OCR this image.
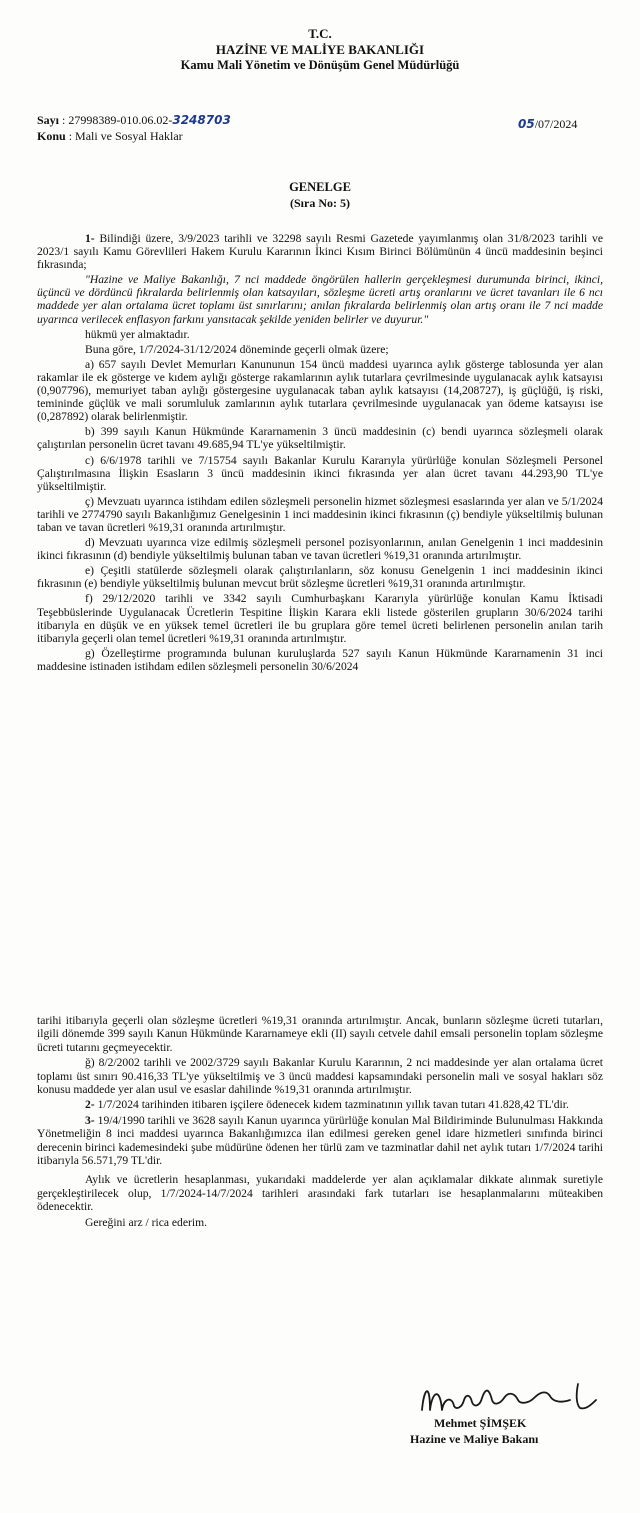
T.C.
HAZİNE VE MALİYE BAKANLIĞI
Kamu Mali Yönetim ve Dönüşüm Genel Müdürlüğü
Sayı : 27998389-010.06.02-3248703
Konu : Mali ve Sosyal Haklar
05/07/2024
GENELGE
(Sıra No: 5)

1- Bilindiği üzere, 3/9/2023 tarihli ve 32298 sayılı Resmi Gazetede yayımlanmış olan 31/8/2023 tarihli ve 2023/1 sayılı Kamu Görevlileri Hakem Kurulu Kararının İkinci Kısım Birinci Bölümünün 4 üncü maddesinin beşinci fıkrasında;

"Hazine ve Maliye Bakanlığı, 7 nci maddede öngörülen hallerin gerçekleşmesi durumunda birinci, ikinci, üçüncü ve dördüncü fıkralarda belirlenmiş olan katsayıları, sözleşme ücreti artış oranlarını ve ücret tavanları ile 6 ncı maddede yer alan ortalama ücret toplamı üst sınırlarını; anılan fıkralarda belirlenmiş olan artış oranı ile 7 nci madde uyarınca verilecek enflasyon farkını yansıtacak şekilde yeniden belirler ve duyurur."

hükmü yer almaktadır.

Buna göre, 1/7/2024-31/12/2024 döneminde geçerli olmak üzere;

a) 657 sayılı Devlet Memurları Kanununun 154 üncü maddesi uyarınca aylık gösterge tablosunda yer alan rakamlar ile ek gösterge ve kıdem aylığı gösterge rakamlarının aylık tutarlara çevrilmesinde uygulanacak aylık katsayısı (0,907796), memuriyet taban aylığı göstergesine uygulanacak taban aylık katsayısı (14,208727), iş güçlüğü, iş riski, temininde güçlük ve mali sorumluluk zamlarının aylık tutarlara çevrilmesinde uygulanacak yan ödeme katsayısı ise (0,287892) olarak belirlenmiştir.

b) 399 sayılı Kanun Hükmünde Kararnamenin 3 üncü maddesinin (c) bendi uyarınca sözleşmeli olarak çalıştırılan personelin ücret tavanı 49.685,94 TL'ye yükseltilmiştir.

c) 6/6/1978 tarihli ve 7/15754 sayılı Bakanlar Kurulu Kararıyla yürürlüğe konulan Sözleşmeli Personel Çalıştırılmasına İlişkin Esasların 3 üncü maddesinin ikinci fıkrasında yer alan ücret tavanı 44.293,90 TL'ye yükseltilmiştir.

ç) Mevzuatı uyarınca istihdam edilen sözleşmeli personelin hizmet sözleşmesi esaslarında yer alan ve 5/1/2024 tarihli ve 2774790 sayılı Bakanlığımız Genelgesinin 1 inci maddesinin ikinci fıkrasının (ç) bendiyle yükseltilmiş bulunan taban ve tavan ücretleri %19,31 oranında artırılmıştır.

d) Mevzuatı uyarınca vize edilmiş sözleşmeli personel pozisyonlarının, anılan Genelgenin 1 inci maddesinin ikinci fıkrasının (d) bendiyle yükseltilmiş bulunan taban ve tavan ücretleri %19,31 oranında artırılmıştır.

e) Çeşitli statülerde sözleşmeli olarak çalıştırılanların, söz konusu Genelgenin 1 inci maddesinin ikinci fıkrasının (e) bendiyle yükseltilmiş bulunan mevcut brüt sözleşme ücretleri %19,31 oranında artırılmıştır.

f) 29/12/2020 tarihli ve 3342 sayılı Cumhurbaşkanı Kararıyla yürürlüğe konulan Kamu İktisadi Teşebbüslerinde Uygulanacak Ücretlerin Tespitine İlişkin Karara ekli listede gösterilen grupların 30/6/2024 tarihi itibarıyla en düşük ve en yüksek temel ücretleri ile bu gruplara göre temel ücreti belirlenen personelin anılan tarih itibarıyla geçerli olan temel ücretleri %19,31 oranında artırılmıştır.

g) Özelleştirme programında bulunan kuruluşlarda 527 sayılı Kanun Hükmünde Kararnamenin 31 inci maddesine istinaden istihdam edilen sözleşmeli personelin 30/6/2024

tarihi itibarıyla geçerli olan sözleşme ücretleri %19,31 oranında artırılmıştır. Ancak, bunların sözleşme ücreti tutarları, ilgili dönemde 399 sayılı Kanun Hükmünde Kararnameye ekli (II) sayılı cetvele dahil emsali personelin toplam sözleşme ücreti tutarını geçmeyecektir.

ğ) 8/2/2002 tarihli ve 2002/3729 sayılı Bakanlar Kurulu Kararının, 2 nci maddesinde yer alan ortalama ücret toplamı üst sınırı 90.416,33 TL'ye yükseltilmiş ve 3 üncü maddesi kapsamındaki personelin mali ve sosyal hakları söz konusu maddede yer alan usul ve esaslar dahilinde %19,31 oranında artırılmıştır.

2- 1/7/2024 tarihinden itibaren işçilere ödenecek kıdem tazminatının yıllık tavan tutarı 41.828,42 TL'dir.

3- 19/4/1990 tarihli ve 3628 sayılı Kanun uyarınca yürürlüğe konulan Mal Bildiriminde Bulunulması Hakkında Yönetmeliğin 8 inci maddesi uyarınca Bakanlığımızca ilan edilmesi gereken genel idare hizmetleri sınıfında birinci derecenin birinci kademesindeki şube müdürüne ödenen her türlü zam ve tazminatlar dahil net aylık tutarı 1/7/2024 tarihi itibarıyla 56.571,79 TL'dir.

Aylık ve ücretlerin hesaplanması, yukarıdaki maddelerde yer alan açıklamalar dikkate alınmak suretiyle gerçekleştirilecek olup, 1/7/2024-14/7/2024 tarihleri arasındaki fark tutarları ise hesaplanmalarını müteakiben ödenecektir.

Gereğini arz / rica ederim.

Mehmet ŞİMŞEK
Hazine ve Maliye Bakanı
